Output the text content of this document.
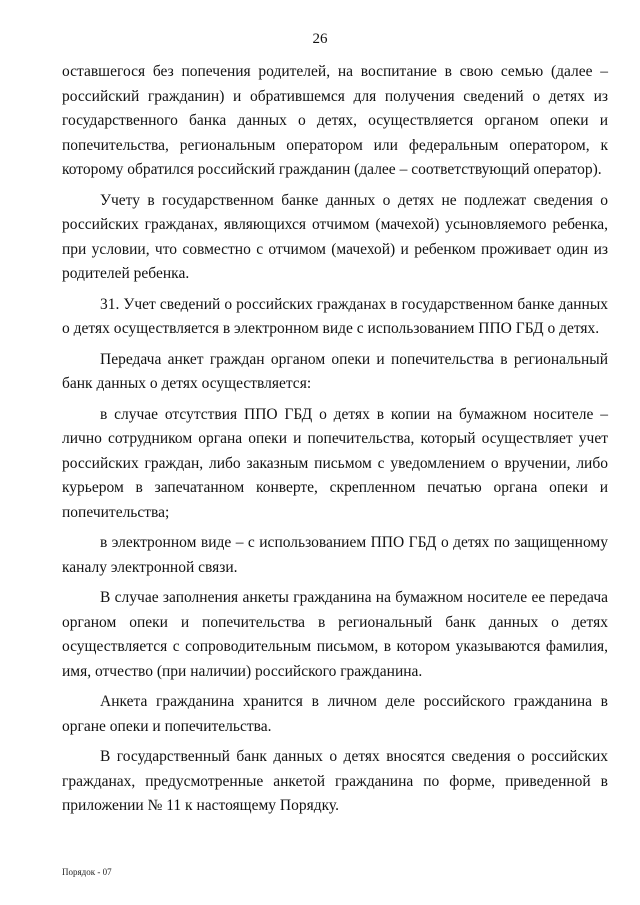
26

оставшегося без попечения родителей, на воспитание в свою семью (далее – российский гражданин) и обратившемся для получения сведений о детях из государственного банка данных о детях, осуществляется органом опеки и попечительства, региональным оператором или федеральным оператором, к которому обратился российский гражданин (далее – соответствующий оператор).

Учету в государственном банке данных о детях не подлежат сведения о российских гражданах, являющихся отчимом (мачехой) усыновляемого ребенка, при условии, что совместно с отчимом (мачехой) и ребенком проживает один из родителей ребенка.

31. Учет сведений о российских гражданах в государственном банке данных о детях осуществляется в электронном виде с использованием ППО ГБД о детях.

Передача анкет граждан органом опеки и попечительства в региональный банк данных о детях осуществляется:

в случае отсутствия ППО ГБД о детях в копии на бумажном носителе – лично сотрудником органа опеки и попечительства, который осуществляет учет российских граждан, либо заказным письмом с уведомлением о вручении, либо курьером в запечатанном конверте, скрепленном печатью органа опеки и попечительства;

в электронном виде – с использованием ППО ГБД о детях по защищенному каналу электронной связи.

В случае заполнения анкеты гражданина на бумажном носителе ее передача органом опеки и попечительства в региональный банк данных о детях осуществляется с сопроводительным письмом, в котором указываются фамилия, имя, отчество (при наличии) российского гражданина.

Анкета гражданина хранится в личном деле российского гражданина в органе опеки и попечительства.

В государственный банк данных о детях вносятся сведения о российских гражданах, предусмотренные анкетой гражданина по форме, приведенной в приложении № 11 к настоящему Порядку.

Порядок - 07
